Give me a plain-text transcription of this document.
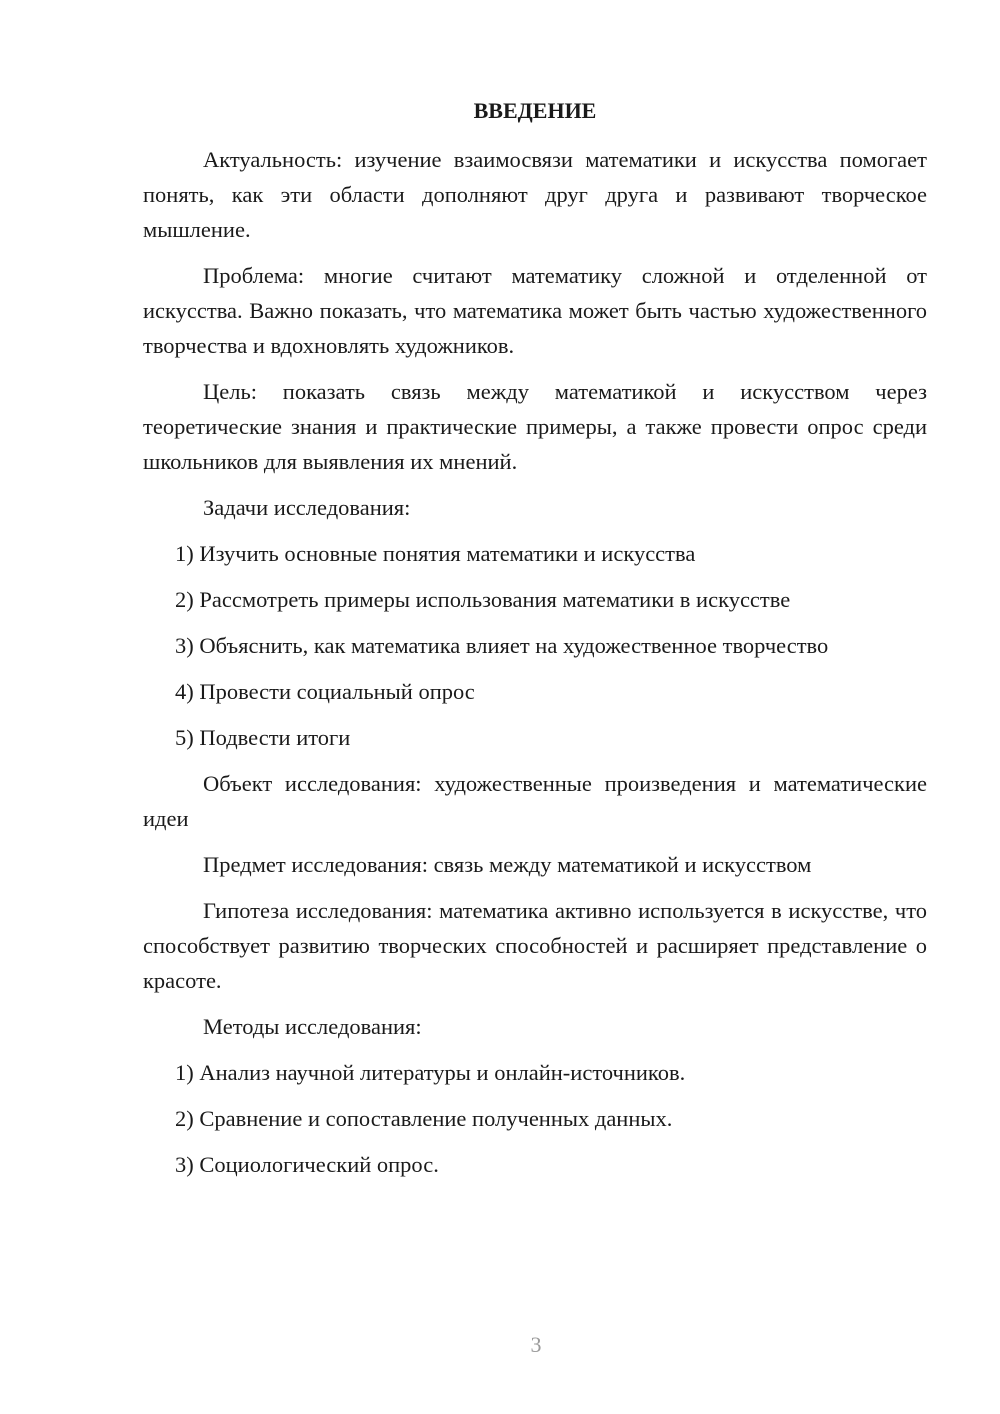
ВВЕДЕНИЕ

Актуальность: изучение взаимосвязи математики и искусства помогает понять, как эти области дополняют друг друга и развивают творческое мышление.

Проблема: многие считают математику сложной и отделенной от искусства. Важно показать, что математика может быть частью художественного творчества и вдохновлять художников.

Цель: показать связь между математикой и искусством через теоретические знания и практические примеры, а также провести опрос среди школьников для выявления их мнений.

Задачи исследования:

1) Изучить основные понятия математики и искусства
2) Рассмотреть примеры использования математики в искусстве
3) Объяснить, как математика влияет на художественное творчество
4) Провести социальный опрос
5) Подвести итоги

Объект исследования: художественные произведения и математические идеи

Предмет исследования: связь между математикой и искусством

Гипотеза исследования: математика активно используется в искусстве, что способствует развитию творческих способностей и расширяет представление о красоте.

Методы исследования:

1) Анализ научной литературы и онлайн-источников.
2) Сравнение и сопоставление полученных данных.
3) Социологический опрос.
3
